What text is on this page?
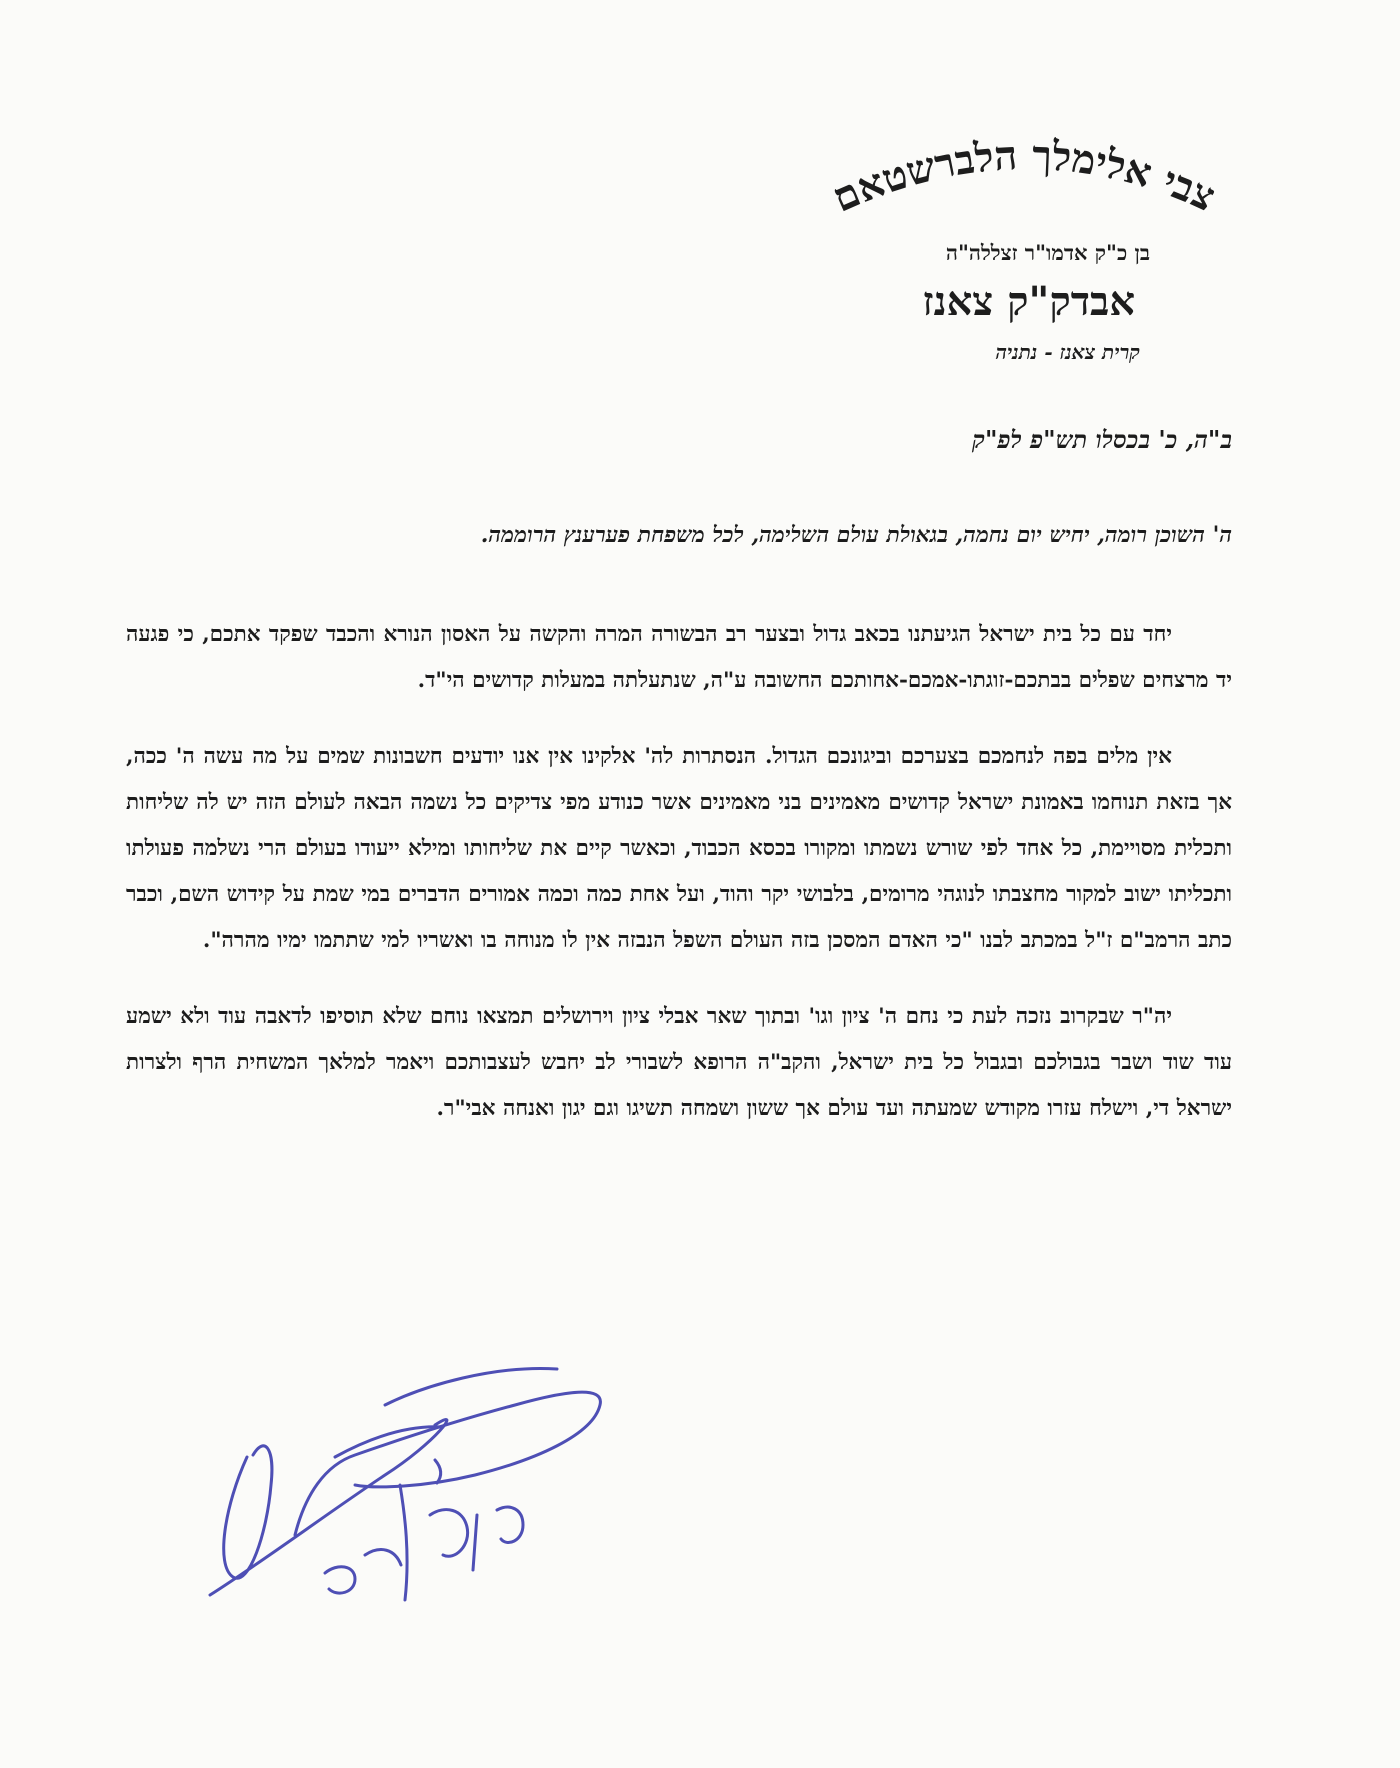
צבי אלימלך הלברשטאם
בן כ"ק אדמו"ר זצללה"ה
אבדק"ק צאנז
קרית צאנז - נתניה
ב"ה, כ' בכסלו תש"פ לפ"ק
ה' השוכן רומה, יחיש יום נחמה, בגאולת עולם השלימה, לכל משפחת פערענץ הרוממה.

יחד עם כל בית ישראל הגיעתנו בכאב גדול ובצער רב הבשורה המרה והקשה על האסון הנורא והכבד שפקד אתכם, כי פגעה יד מרצחים שפלים בבתכם-זוגתו-אמכם-אחותכם החשובה ע"ה, שנתעלתה במעלות קדושים הי"ד.

אין מלים בפה לנחמכם בצערכם וביגונכם הגדול. הנסתרות לה' אלקינו אין אנו יודעים חשבונות שמים על מה עשה ה' ככה, אך בזאת תנוחמו באמונת ישראל קדושים מאמינים בני מאמינים אשר כנודע מפי צדיקים כל נשמה הבאה לעולם הזה יש לה שליחות ותכלית מסויימת, כל אחד לפי שורש נשמתו ומקורו בכסא הכבוד, וכאשר קיים את שליחותו ומילא ייעודו בעולם הרי נשלמה פעולתו ותכליתו ישוב למקור מחצבתו לנוגהי מרומים, בלבושי יקר והוד, ועל אחת כמה וכמה אמורים הדברים במי שמת על קידוש השם, וכבר כתב הרמב"ם ז"ל במכתב לבנו "כי האדם המסכן בזה העולם השפל הנבזה אין לו מנוחה בו ואשריו למי שתתמו ימיו מהרה".

יה"ר שבקרוב נזכה לעת כי נחם ה' ציון וגו' ובתוך שאר אבלי ציון וירושלים תמצאו נוחם שלא תוסיפו לדאבה עוד ולא ישמע עוד שוד ושבר בגבולכם ובגבול כל בית ישראל, והקב"ה הרופא לשבורי לב יחבש לעצבותכם ויאמר למלאך המשחית הרף ולצרות ישראל די, וישלח עזרו מקודש שמעתה ועד עולם אך ששון ושמחה תשיגו וגם יגון ואנחה אבי"ר.
